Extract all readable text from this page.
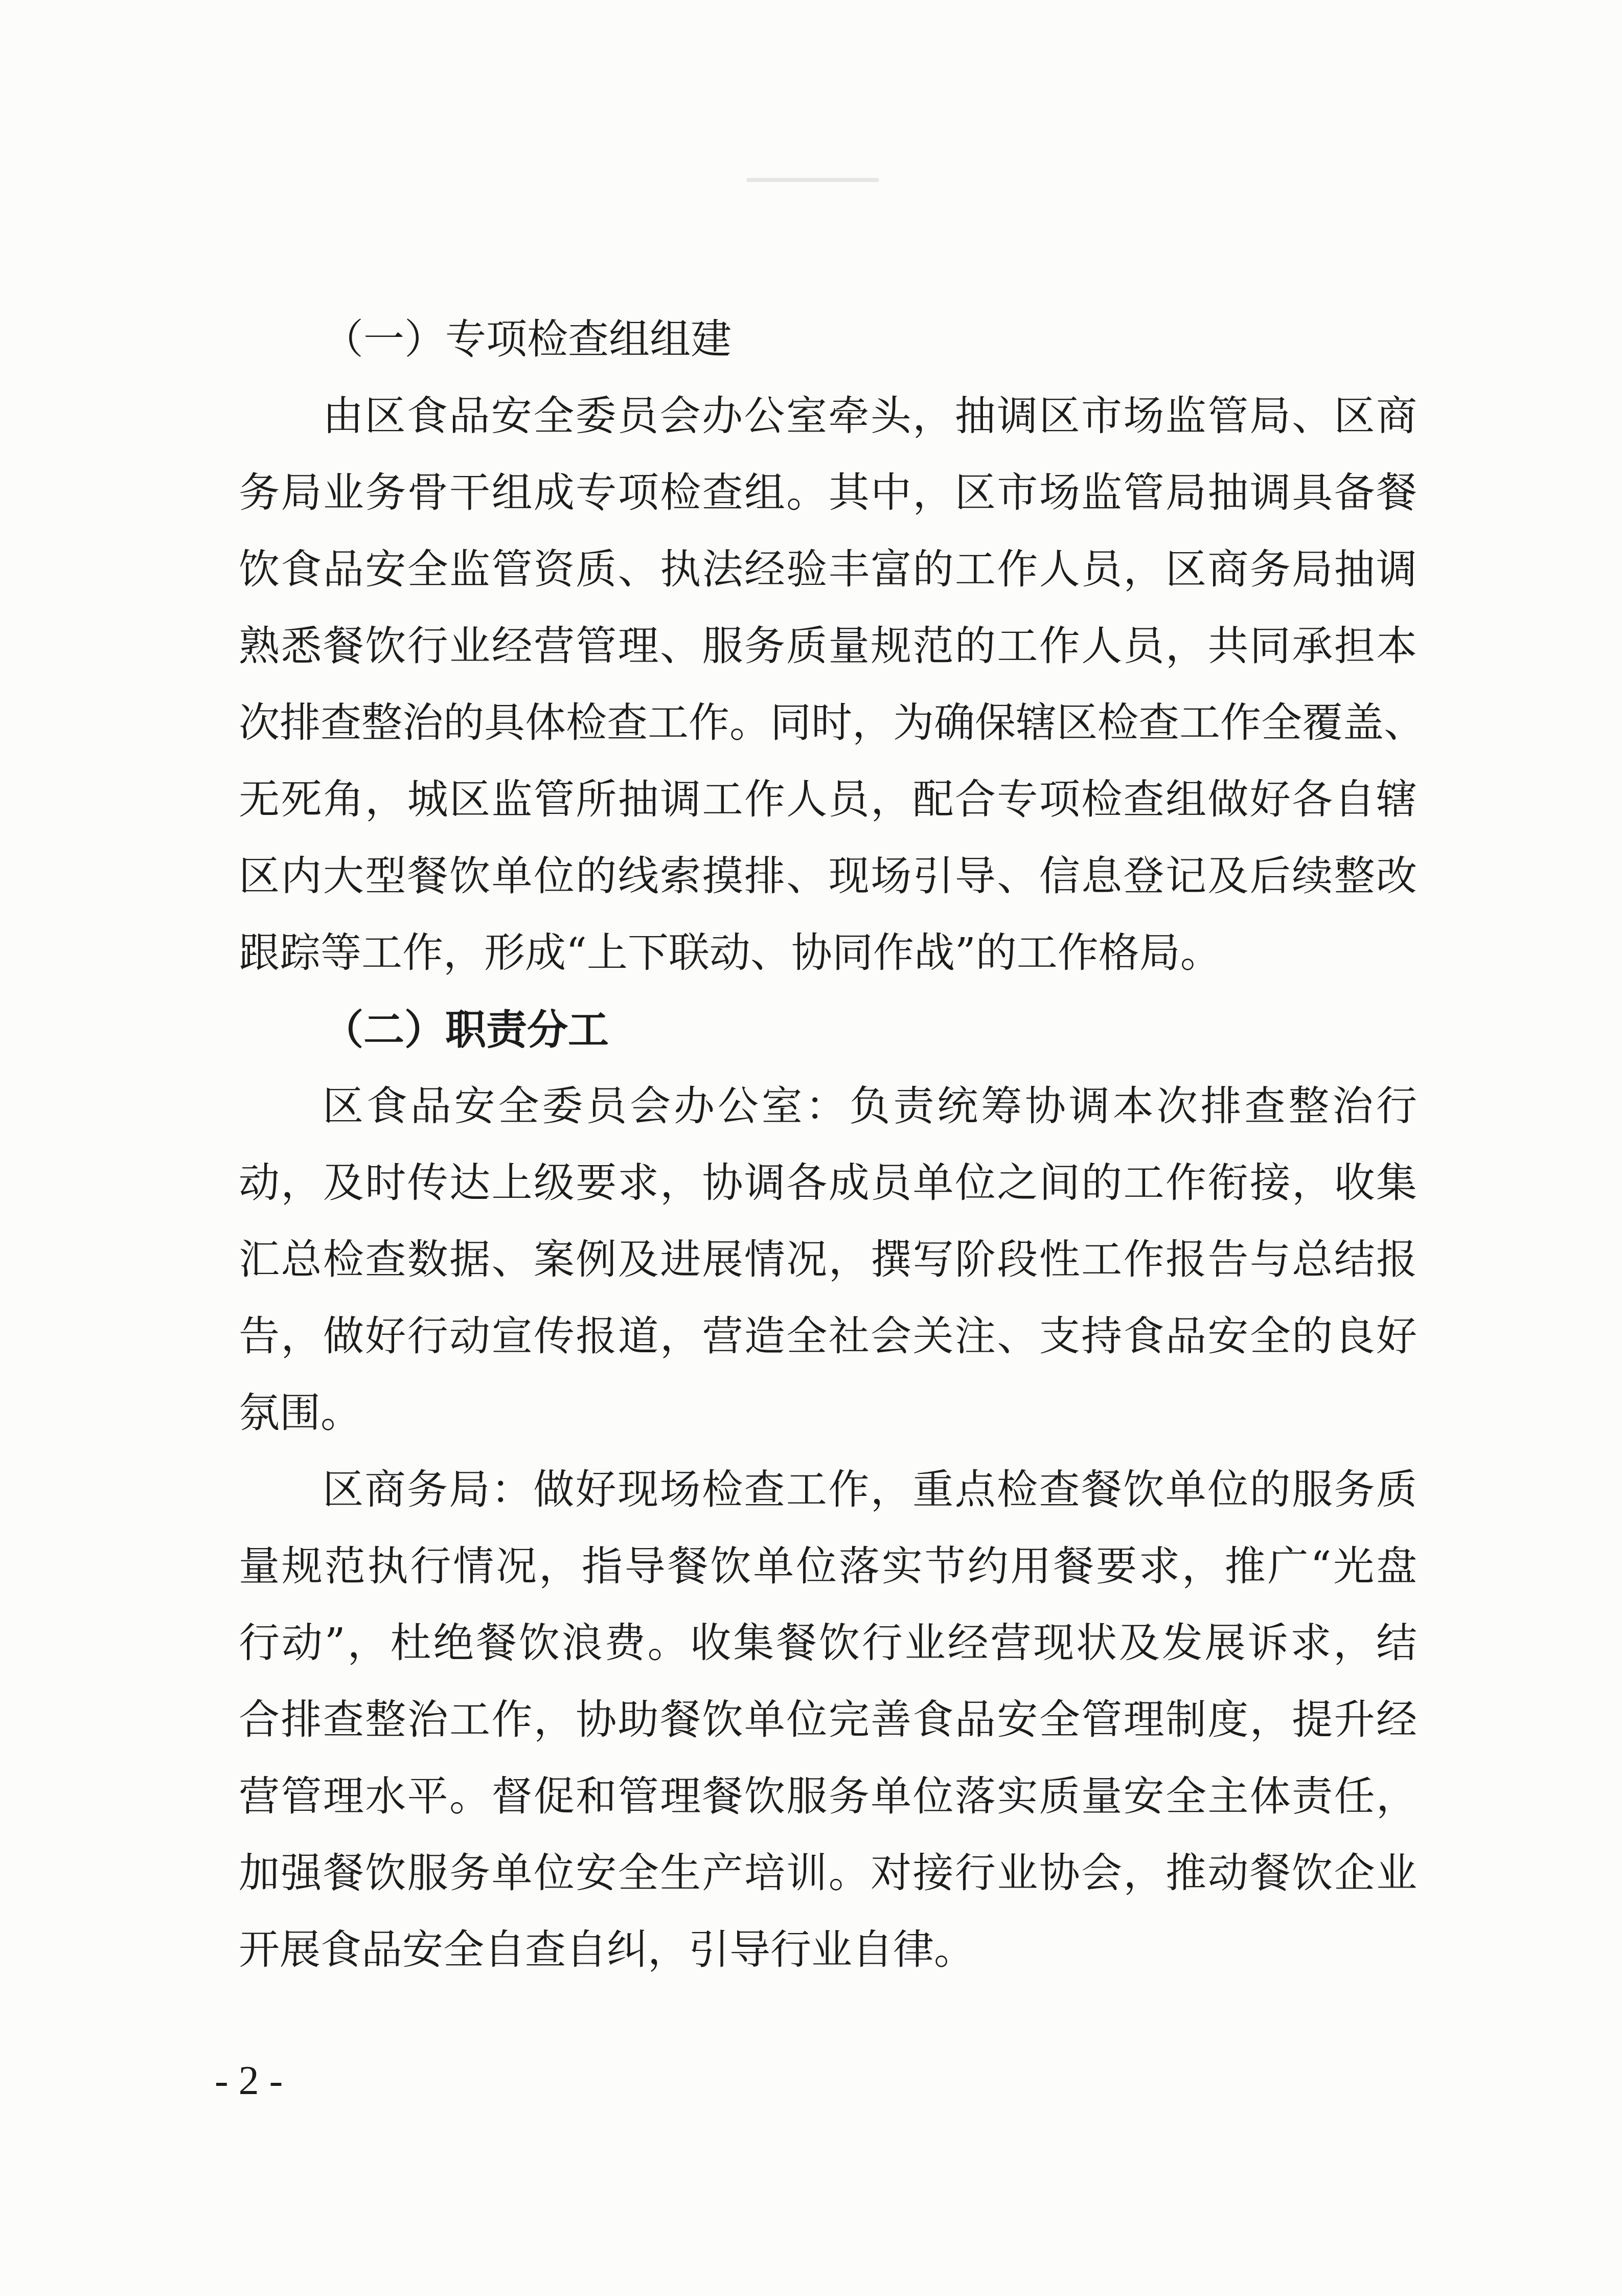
（一）专项检查组组建
由区食品安全委员会办公室牵头，抽调区市场监管局、区商
务局业务骨干组成专项检查组。其中，区市场监管局抽调具备餐
饮食品安全监管资质、执法经验丰富的工作人员，区商务局抽调
熟悉餐饮行业经营管理、服务质量规范的工作人员，共同承担本
次排查整治的具体检查工作。同时，为确保辖区检查工作全覆盖、
无死角，城区监管所抽调工作人员，配合专项检查组做好各自辖
区内大型餐饮单位的线索摸排、现场引导、信息登记及后续整改
跟踪等工作，形成“上下联动、协同作战”的工作格局。
（二）职责分工
区食品安全委员会办公室：负责统筹协调本次排查整治行
动，及时传达上级要求，协调各成员单位之间的工作衔接，收集
汇总检查数据、案例及进展情况，撰写阶段性工作报告与总结报
告，做好行动宣传报道，营造全社会关注、支持食品安全的良好
氛围。
区商务局：做好现场检查工作，重点检查餐饮单位的服务质
量规范执行情况，指导餐饮单位落实节约用餐要求，推广“光盘
行动”，杜绝餐饮浪费。收集餐饮行业经营现状及发展诉求，结
合排查整治工作，协助餐饮单位完善食品安全管理制度，提升经
营管理水平。督促和管理餐饮服务单位落实质量安全主体责任，
加强餐饮服务单位安全生产培训。对接行业协会，推动餐饮企业
开展食品安全自查自纠，引导行业自律。
- 2 -
